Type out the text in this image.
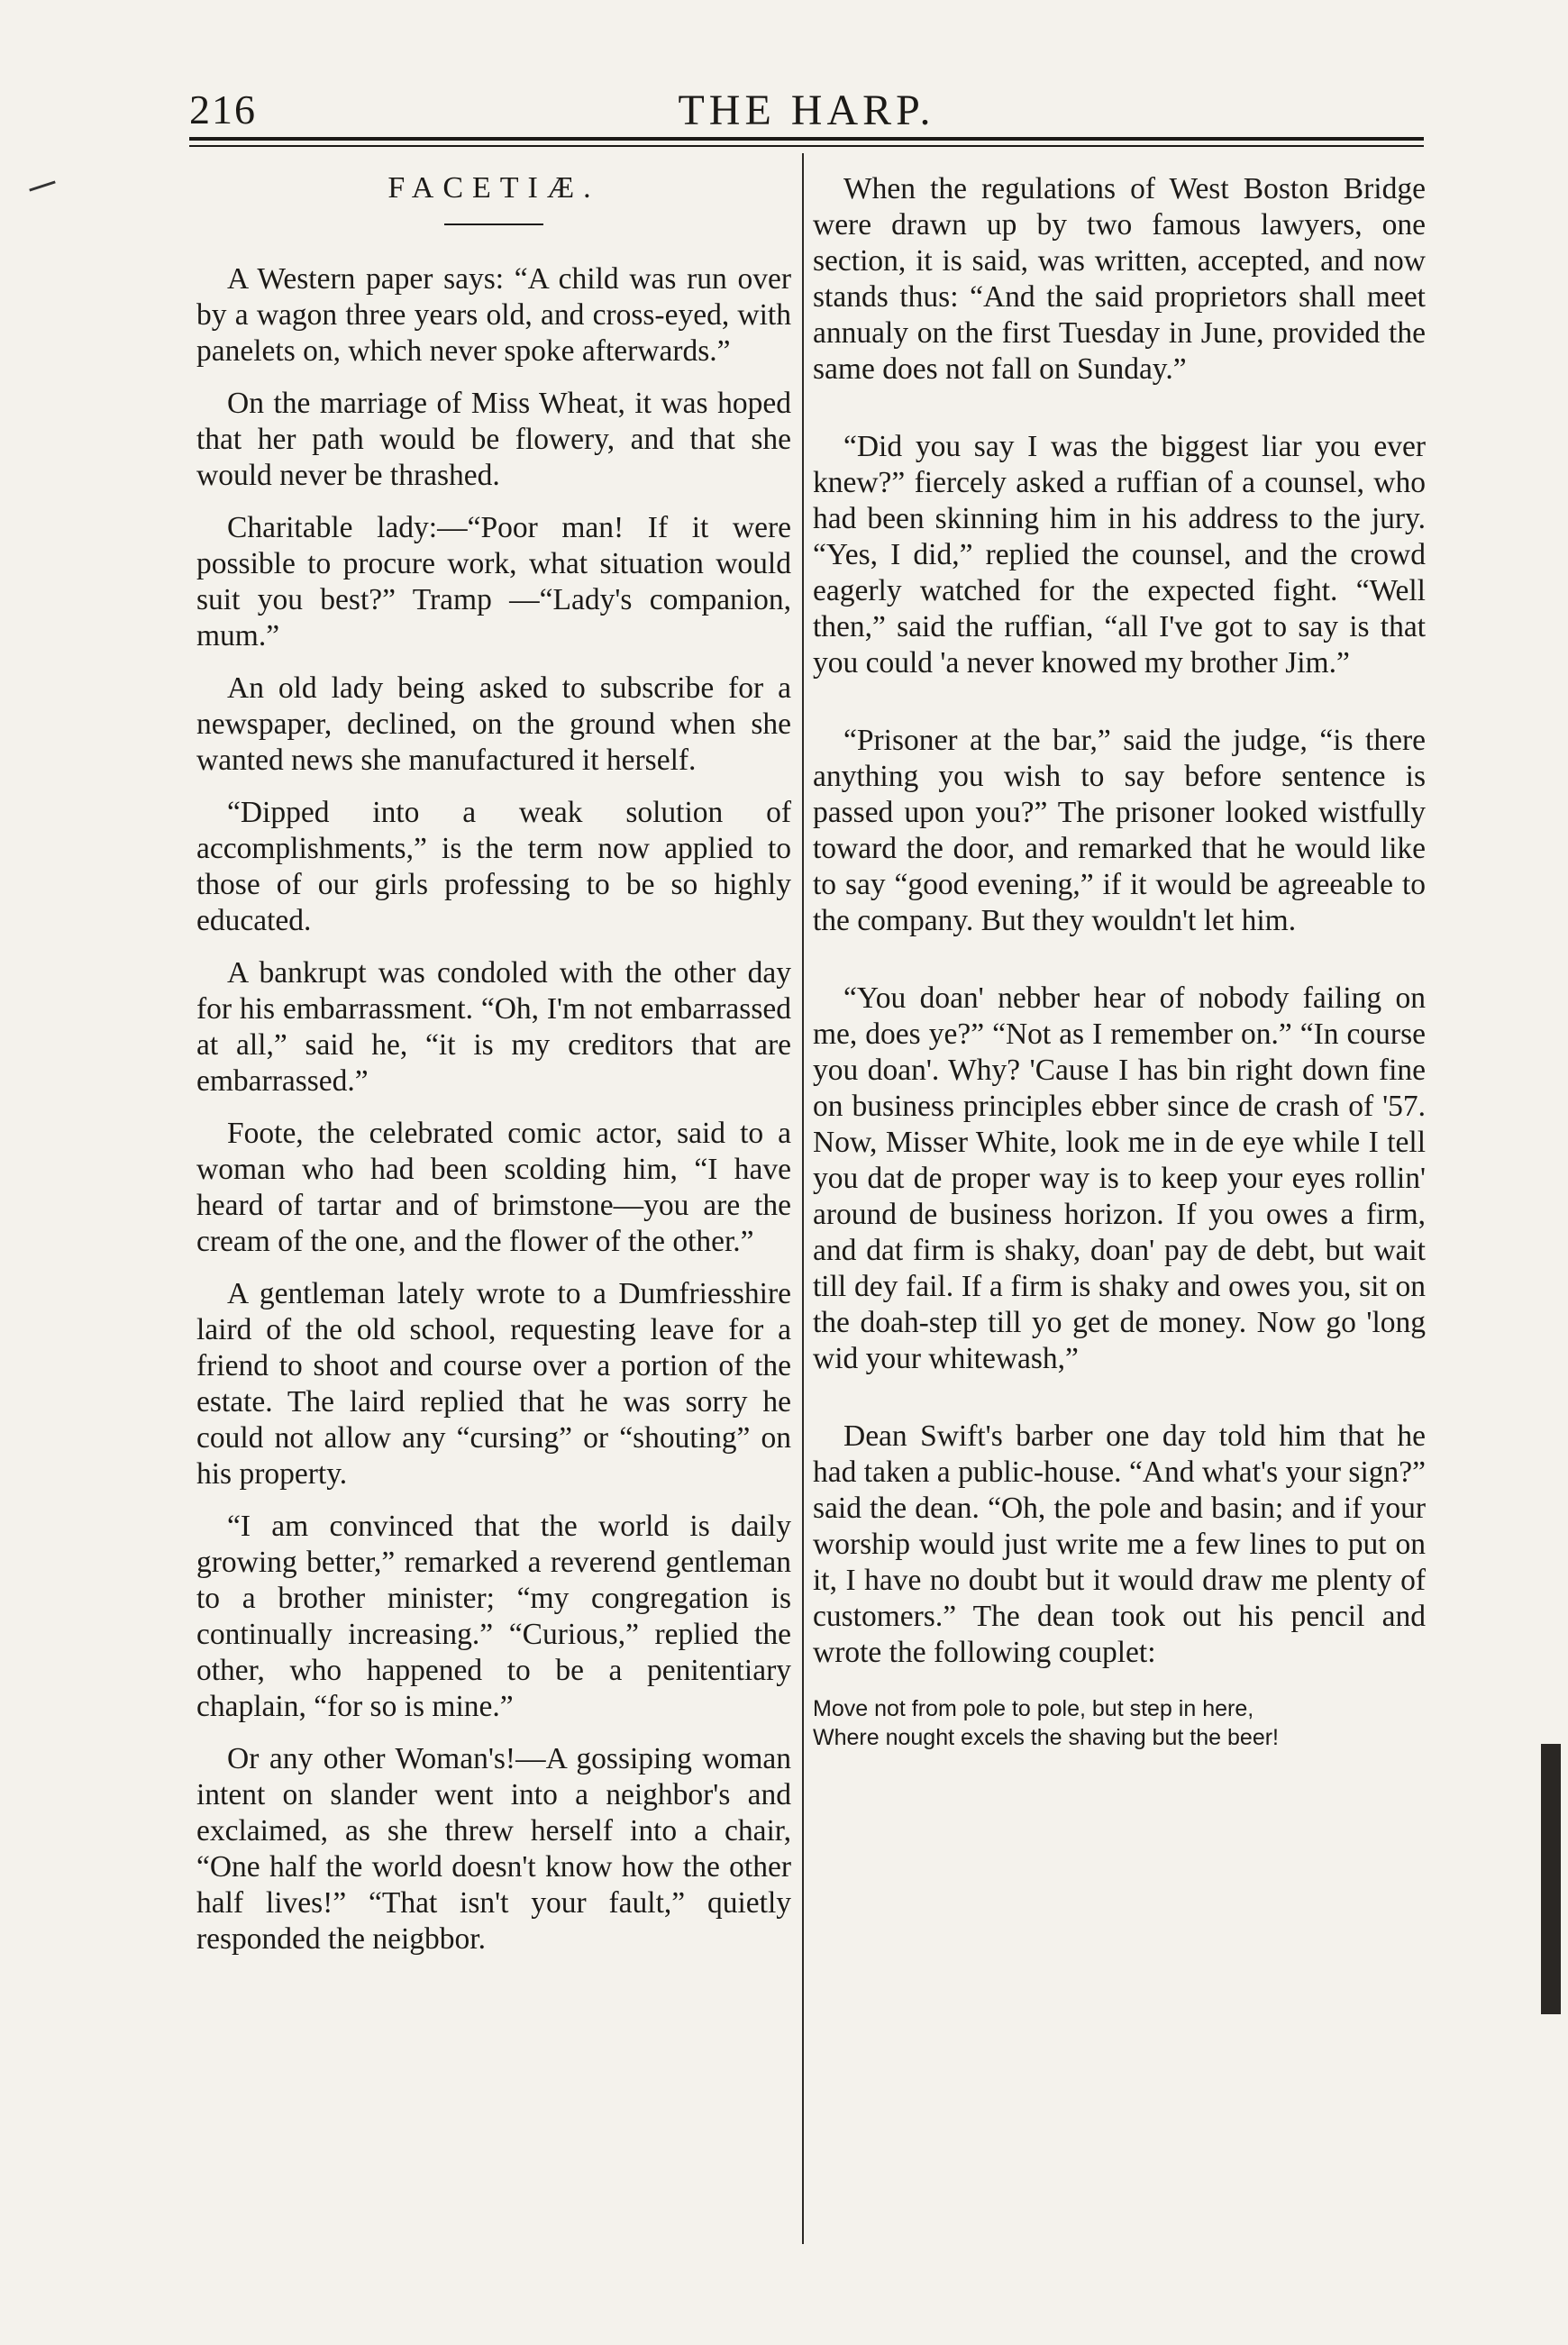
216	THE HARP.
FACETIÆ.

A Western paper says: “A child was run over by a wagon three years old, and cross-eyed, with panelets on, which never spoke afterwards.”

On the marriage of Miss Wheat, it was hoped that her path would be flowery, and that she would never be thrashed.

Charitable lady:—“Poor man! If it were possible to procure work, what situation would suit you best?” Tramp —“Lady's companion, mum.”

An old lady being asked to subscribe for a newspaper, declined, on the ground when she wanted news she manufactured it herself.

“Dipped into a weak solution of accomplishments,” is the term now applied to those of our girls professing to be so highly educated.

A bankrupt was condoled with the other day for his embarrassment. “Oh, I'm not embarrassed at all,” said he, “it is my creditors that are embarrassed.”

Foote, the celebrated comic actor, said to a woman who had been scolding him, “I have heard of tartar and of brimstone—you are the cream of the one, and the flower of the other.”

A gentleman lately wrote to a Dumfriesshire laird of the old school, requesting leave for a friend to shoot and course over a portion of the estate. The laird replied that he was sorry he could not allow any “cursing” or “shouting” on his property.

“I am convinced that the world is daily growing better,” remarked a reverend gentleman to a brother minister; “my congregation is continually increasing.” “Curious,” replied the other, who happened to be a penitentiary chaplain, “for so is mine.”

Or any other Woman's!—A gossiping woman intent on slander went into a neighbor's and exclaimed, as she threw herself into a chair, “One half the world doesn't know how the other half lives!” “That isn't your fault,” quietly responded the neigbbor.

When the regulations of West Boston Bridge were drawn up by two famous lawyers, one section, it is said, was written, accepted, and now stands thus: “And the said proprietors shall meet annualy on the first Tuesday in June, provided the same does not fall on Sunday.”

“Did you say I was the biggest liar you ever knew?” fiercely asked a ruffian of a counsel, who had been skinning him in his address to the jury. “Yes, I did,” replied the counsel, and the crowd eagerly watched for the expected fight. “Well then,” said the ruffian, “all I've got to say is that you could 'a never knowed my brother Jim.”

“Prisoner at the bar,” said the judge, “is there anything you wish to say before sentence is passed upon you?” The prisoner looked wistfully toward the door, and remarked that he would like to say “good evening,” if it would be agreeable to the company. But they wouldn't let him.

“You doan' nebber hear of nobody failing on me, does ye?” “Not as I remember on.” “In course you doan'. Why? 'Cause I has bin right down fine on business principles ebber since de crash of '57. Now, Misser White, look me in de eye while I tell you dat de proper way is to keep your eyes rollin' around de business horizon. If you owes a firm, and dat firm is shaky, doan' pay de debt, but wait till dey fail. If a firm is shaky and owes you, sit on the doah-step till yo get de money. Now go 'long wid your whitewash,”

Dean Swift's barber one day told him that he had taken a public-house. “And what's your sign?” said the dean. “Oh, the pole and basin; and if your worship would just write me a few lines to put on it, I have no doubt but it would draw me plenty of customers.” The dean took out his pencil and wrote the following couplet:

Move not from pole to pole, but step in here,
Where nought excels the shaving but the beer!
